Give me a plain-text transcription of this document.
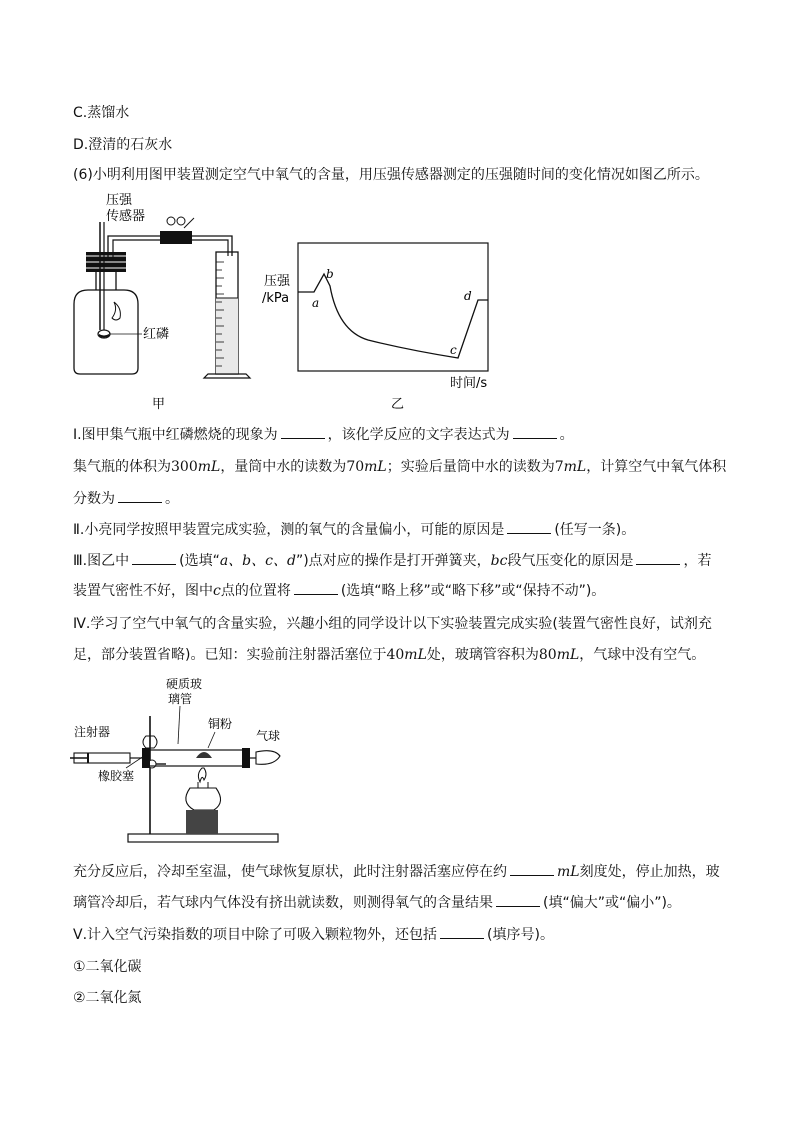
C.蒸馏水
D.澄清的石灰水
(6)小明利用图甲装置测定空气中氧气的含量，用压强传感器测定的压强随时间的变化情况如图乙所示。
压强
传感器
红磷
甲
压强
/kPa a
b
c
d
时间/s
乙
Ⅰ.图甲集气瓶中红磷燃烧的现象为	，该化学反应的文字表达式为	。
集气瓶的体积为300mL，量筒中水的读数为70mL；实验后量筒中水的读数为7mL，计算空气中氧气体积
分数为	。
Ⅱ.小亮同学按照甲装置完成实验，测的氧气的含量偏小，可能的原因是	(任写一条)。
Ⅲ.图乙中	(选填“a、b、c、d”)点对应的操作是打开弹簧夹，bc段气压变化的原因是	，若
装置气密性不好，图中c点的位置将	(选填“略上移”或“略下移”或“保持不动”)。
Ⅳ.学习了空气中氧气的含量实验，兴趣小组的同学设计以下实验装置完成实验(装置气密性良好，试剂充
足，部分装置省略)。已知：实验前注射器活塞位于40mL处，玻璃管容积为80mL，气球中没有空气。
硬质玻
璃管
铜粉
气球
注射器
橡胶塞
充分反应后，冷却至室温，使气球恢复原状，此时注射器活塞应停在约	mL刻度处，停止加热，玻
璃管冷却后，若气球内气体没有挤出就读数，则测得氧气的含量结果	(填“偏大”或“偏小”)。
Ⅴ.计入空气污染指数的项目中除了可吸入颗粒物外，还包括	(填序号)。
①二氧化碳
②二氧化氮
